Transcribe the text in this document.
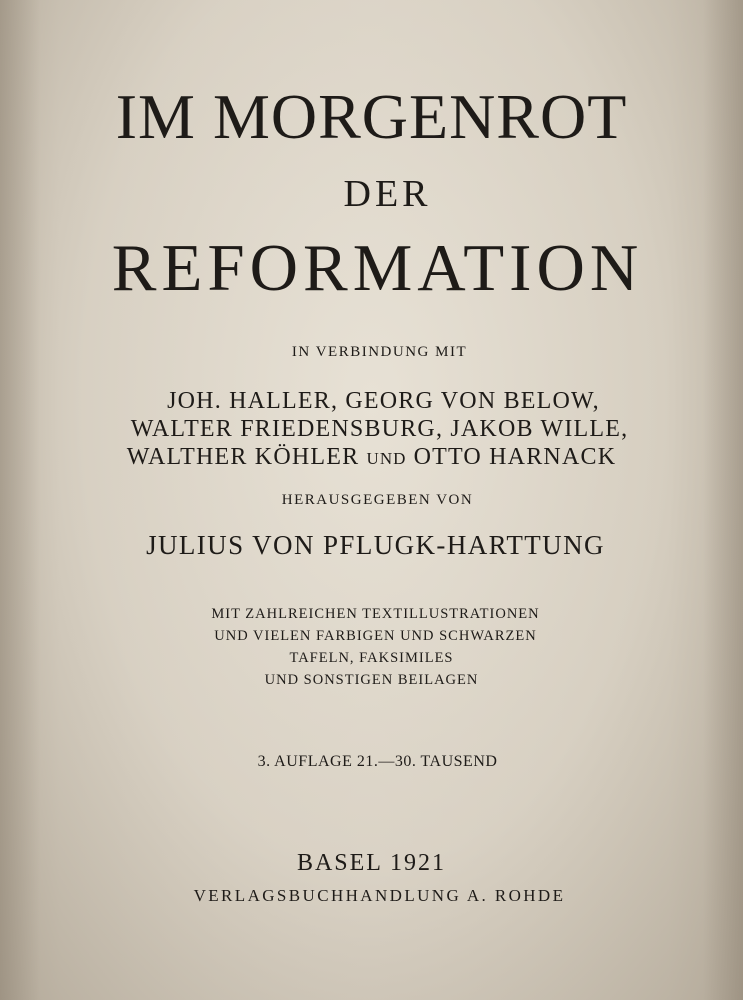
IM MORGENROT
DER
REFORMATION

IN VERBINDUNG MIT

JOH. HALLER, GEORG VON BELOW,

WALTER FRIEDENSBURG, JAKOB WILLE,

WALTHER KÖHLER UND OTTO HARNACK

HERAUSGEGEBEN VON

JULIUS VON PFLUGK-HARTTUNG

MIT ZAHLREICHEN TEXTILLUSTRATIONEN

UND VIELEN FARBIGEN UND SCHWARZEN

TAFELN, FAKSIMILES

UND SONSTIGEN BEILAGEN

3. AUFLAGE 21.—30. TAUSEND

BASEL 1921

VERLAGSBUCHHANDLUNG A. ROHDE
